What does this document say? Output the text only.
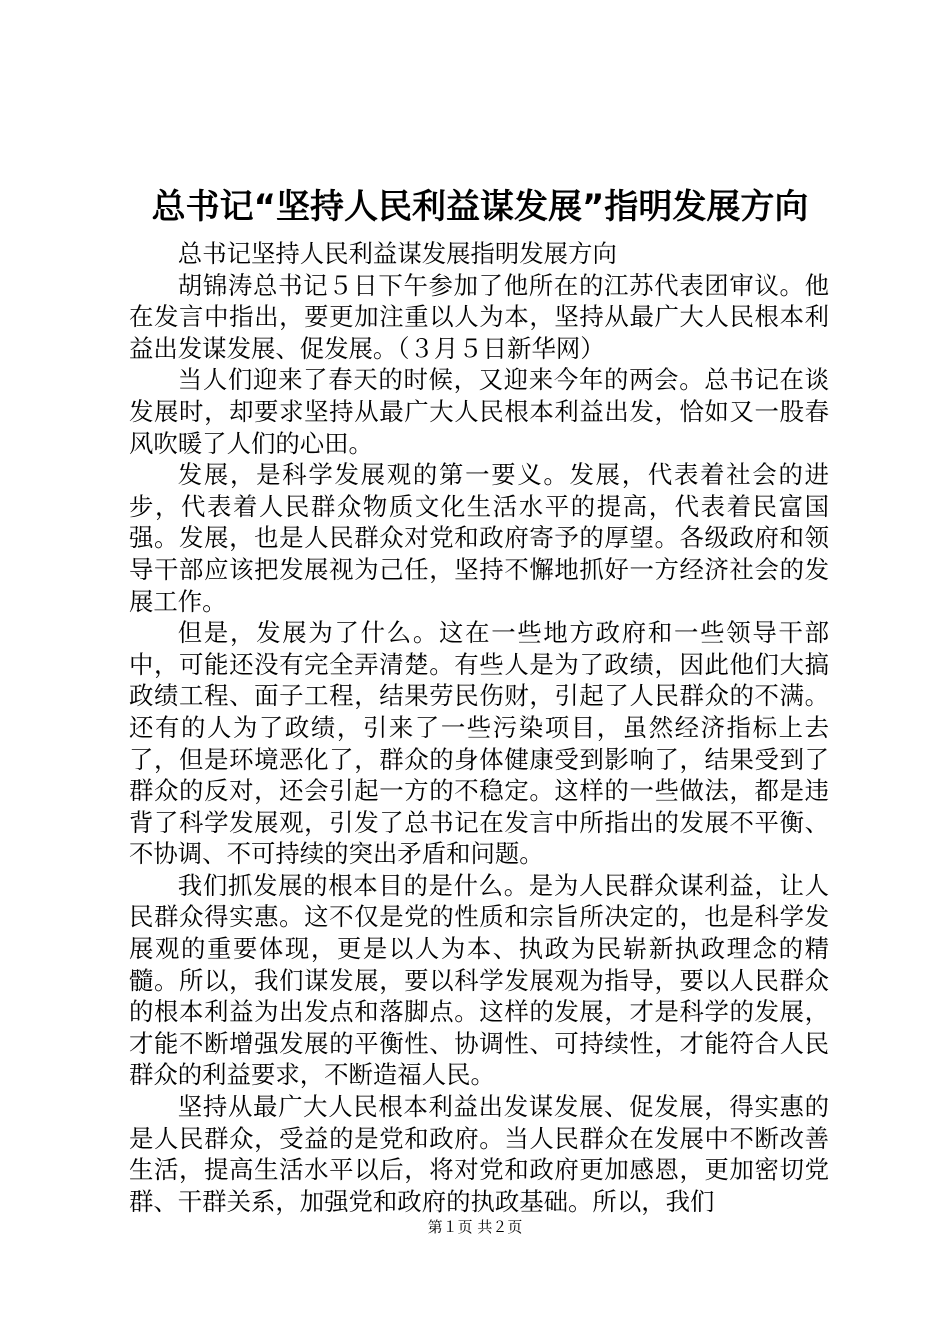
总书记“坚持人民利益谋发展”指明发展方向

总书记坚持人民利益谋发展指明发展方向

胡锦涛总书记５日下午参加了他所在的江苏代表团审议。他在发言中指出，要更加注重以人为本，坚持从最广大人民根本利益出发谋发展、促发展。（３月５日新华网）

当人们迎来了春天的时候，又迎来今年的两会。总书记在谈发展时，却要求坚持从最广大人民根本利益出发，恰如又一股春风吹暖了人们的心田。

发展，是科学发展观的第一要义。发展，代表着社会的进步，代表着人民群众物质文化生活水平的提高，代表着民富国强。发展，也是人民群众对党和政府寄予的厚望。各级政府和领导干部应该把发展视为己任，坚持不懈地抓好一方经济社会的发展工作。

但是，发展为了什么。这在一些地方政府和一些领导干部中，可能还没有完全弄清楚。有些人是为了政绩，因此他们大搞政绩工程、面子工程，结果劳民伤财，引起了人民群众的不满。还有的人为了政绩，引来了一些污染项目，虽然经济指标上去了，但是环境恶化了，群众的身体健康受到影响了，结果受到了群众的反对，还会引起一方的不稳定。这样的一些做法，都是违背了科学发展观，引发了总书记在发言中所指出的发展不平衡、不协调、不可持续的突出矛盾和问题。

我们抓发展的根本目的是什么。是为人民群众谋利益，让人民群众得实惠。这不仅是党的性质和宗旨所决定的，也是科学发展观的重要体现，更是以人为本、执政为民崭新执政理念的精髓。所以，我们谋发展，要以科学发展观为指导，要以人民群众的根本利益为出发点和落脚点。这样的发展，才是科学的发展，才能不断增强发展的平衡性、协调性、可持续性，才能符合人民群众的利益要求，不断造福人民。

坚持从最广大人民根本利益出发谋发展、促发展，得实惠的是人民群众，受益的是党和政府。当人民群众在发展中不断改善生活，提高生活水平以后，将对党和政府更加感恩，更加密切党群、干群关系，加强党和政府的执政基础。所以，我们

第１页 共２页
